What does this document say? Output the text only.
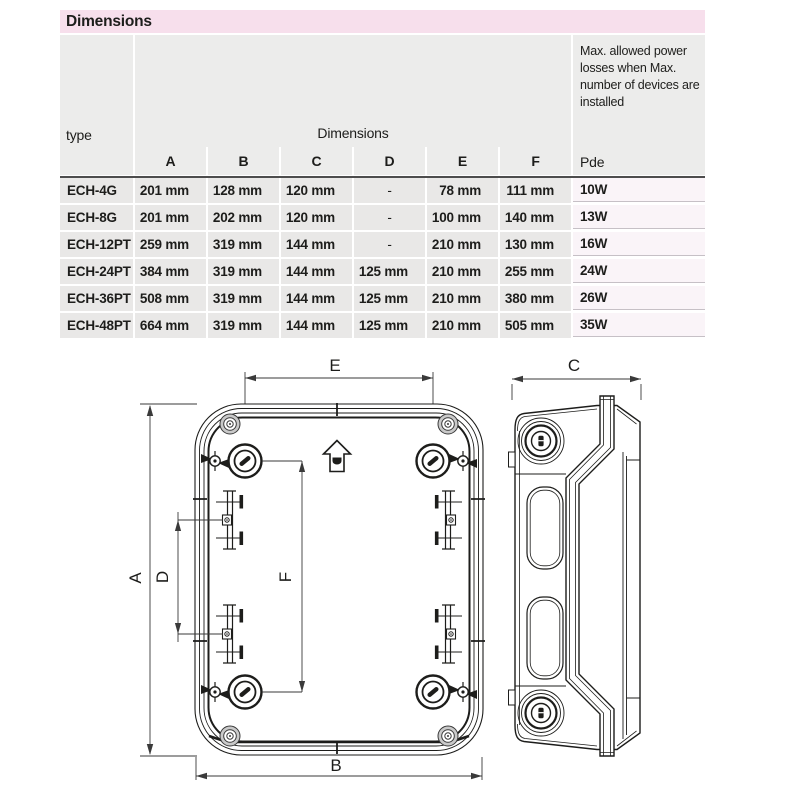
Dimensions
type	Dimensions
A	B	C	D	E	F
Max. allowed power losses when Max. number of devices are installed
Pde
ECH-4G	201 mm	128 mm	120 mm	-	78 mm	111 mm	10W
ECH-8G	201 mm	202 mm	120 mm	-	100 mm	140 mm	13W
ECH-12PT 259 mm	319 mm	144 mm	-	210 mm	130 mm	16W
ECH-24PT 384 mm	319 mm	144 mm	125 mm	210 mm	255 mm	24W
ECH-36PT 508 mm	319 mm	144 mm	125 mm	210 mm	380 mm	26W
ECH-48PT 664 mm	319 mm	144 mm	125 mm	210 mm	505 mm	35W
E
A D	F
B
C
